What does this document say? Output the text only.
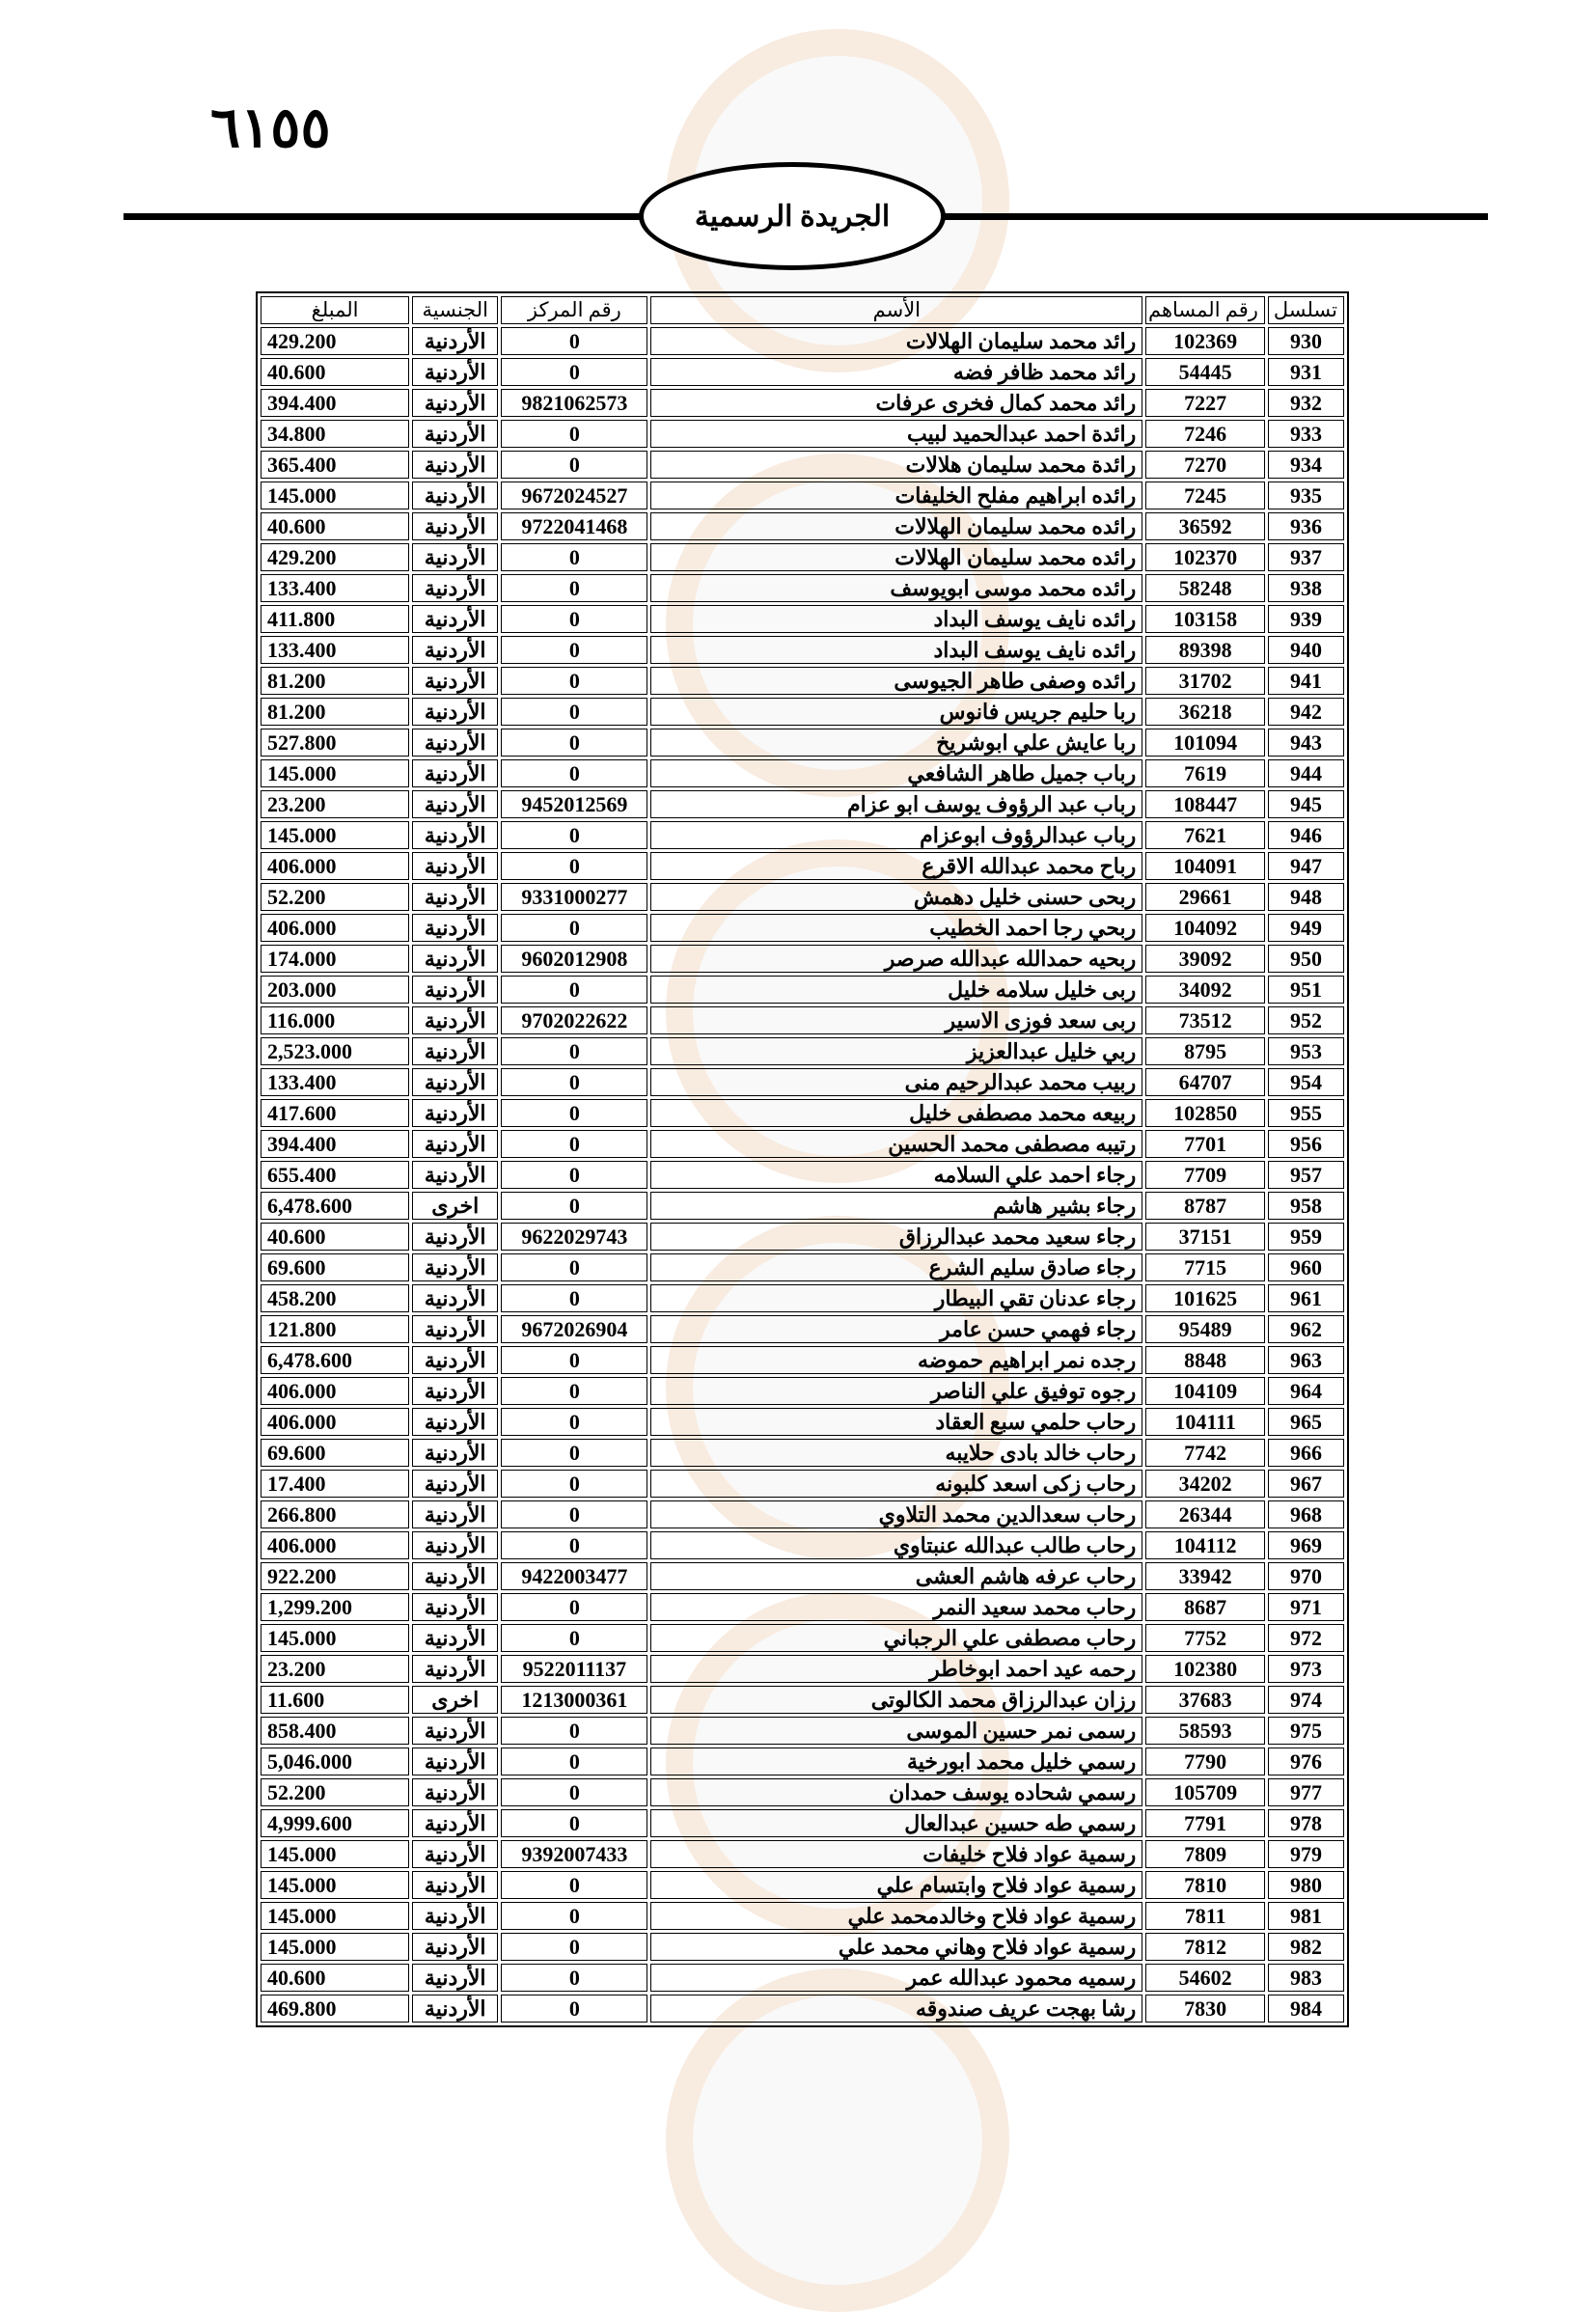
٦١٥٥
الجريدة الرسمية
تسلسل	رقم المساهم	الأسم	رقم المركز	الجنسية	المبلغ
930	102369	رائد محمد سليمان الهلالات	0	الأردنية	429.200
931	54445	رائد محمد ظافر فضه	0	الأردنية	40.600
932	7227	رائد محمد كمال فخرى عرفات	9821062573	الأردنية	394.400
933	7246	رائدة احمد عبدالحميد لبيب	0	الأردنية	34.800
934	7270	رائدة محمد سليمان هلالات	0	الأردنية	365.400
935	7245	رائده ابراهيم مفلح الخليفات	9672024527	الأردنية	145.000
936	36592	رائده محمد سليمان الهلالات	9722041468	الأردنية	40.600
937	102370	رائده محمد سليمان الهلالات	0	الأردنية	429.200
938	58248	رائده محمد موسى ابويوسف	0	الأردنية	133.400
939	103158	رائده نايف يوسف البداد	0	الأردنية	411.800
940	89398	رائده نايف يوسف البداد	0	الأردنية	133.400
941	31702	رائده وصفى طاهر الجيوسى	0	الأردنية	81.200
942	36218	ربا حليم جريس فانوس	0	الأردنية	81.200
943	101094	ربا عايش علي ابوشريخ	0	الأردنية	527.800
944	7619	رباب جميل طاهر الشافعي	0	الأردنية	145.000
945	108447	رباب عبد الرؤوف يوسف ابو عزام	9452012569	الأردنية	23.200
946	7621	رباب عبدالرؤوف ابوعزام	0	الأردنية	145.000
947	104091	رباح محمد عبدالله الاقرع	0	الأردنية	406.000
948	29661	ربحى حسنى خليل دهمش	9331000277	الأردنية	52.200
949	104092	ربحي رجا احمد الخطيب	0	الأردنية	406.000
950	39092	ربحيه حمدالله عبدالله صرصر	9602012908	الأردنية	174.000
951	34092	ربى خليل سلامه خليل	0	الأردنية	203.000
952	73512	ربى سعد فوزى الاسير	9702022622	الأردنية	116.000
953	8795	ربي خليل عبدالعزيز	0	الأردنية	2,523.000
954	64707	ربيب محمد عبدالرحيم منى	0	الأردنية	133.400
955	102850	ربيعه محمد مصطفى خليل	0	الأردنية	417.600
956	7701	رتيبه مصطفى محمد الحسين	0	الأردنية	394.400
957	7709	رجاء احمد علي السلامه	0	الأردنية	655.400
958	8787	رجاء بشير هاشم	0	اخرى	6,478.600
959	37151	رجاء سعيد محمد عبدالرزاق	9622029743	الأردنية	40.600
960	7715	رجاء صادق سليم الشرع	0	الأردنية	69.600
961	101625	رجاء عدنان تقي البيطار	0	الأردنية	458.200
962	95489	رجاء فهمي حسن عامر	9672026904	الأردنية	121.800
963	8848	رجده نمر ابراهيم حموضه	0	الأردنية	6,478.600
964	104109	رجوه توفيق علي الناصر	0	الأردنية	406.000
965	104111	رحاب حلمي سبع العقاد	0	الأردنية	406.000
966	7742	رحاب خالد بادى حلايبه	0	الأردنية	69.600
967	34202	رحاب زكى اسعد كلبونه	0	الأردنية	17.400
968	26344	رحاب سعدالدين محمد التلاوي	0	الأردنية	266.800
969	104112	رحاب طالب عبدالله عنبتاوي	0	الأردنية	406.000
970	33942	رحاب عرفه هاشم العشى	9422003477	الأردنية	922.200
971	8687	رحاب محمد سعيد النمر	0	الأردنية	1,299.200
972	7752	رحاب مصطفى علي الرجباني	0	الأردنية	145.000
973	102380	رحمه عيد احمد ابوخاطر	9522011137	الأردنية	23.200
974	37683	رزان عبدالرزاق محمد الكالوتى	1213000361	اخرى	11.600
975	58593	رسمى نمر حسين الموسى	0	الأردنية	858.400
976	7790	رسمي خليل محمد ابورخية	0	الأردنية	5,046.000
977	105709	رسمي شحاده يوسف حمدان	0	الأردنية	52.200
978	7791	رسمي طه حسين عبدالعال	0	الأردنية	4,999.600
979	7809	رسمية عواد فلاح خليفات	9392007433	الأردنية	145.000
980	7810	رسمية عواد فلاح وابتسام علي	0	الأردنية	145.000
981	7811	رسمية عواد فلاح وخالدمحمد علي	0	الأردنية	145.000
982	7812	رسمية عواد فلاح وهاني محمد علي	0	الأردنية	145.000
983	54602	رسميه محمود عبدالله عمر	0	الأردنية	40.600
984	7830	رشا بهجت عريف صندوقه	0	الأردنية	469.800
